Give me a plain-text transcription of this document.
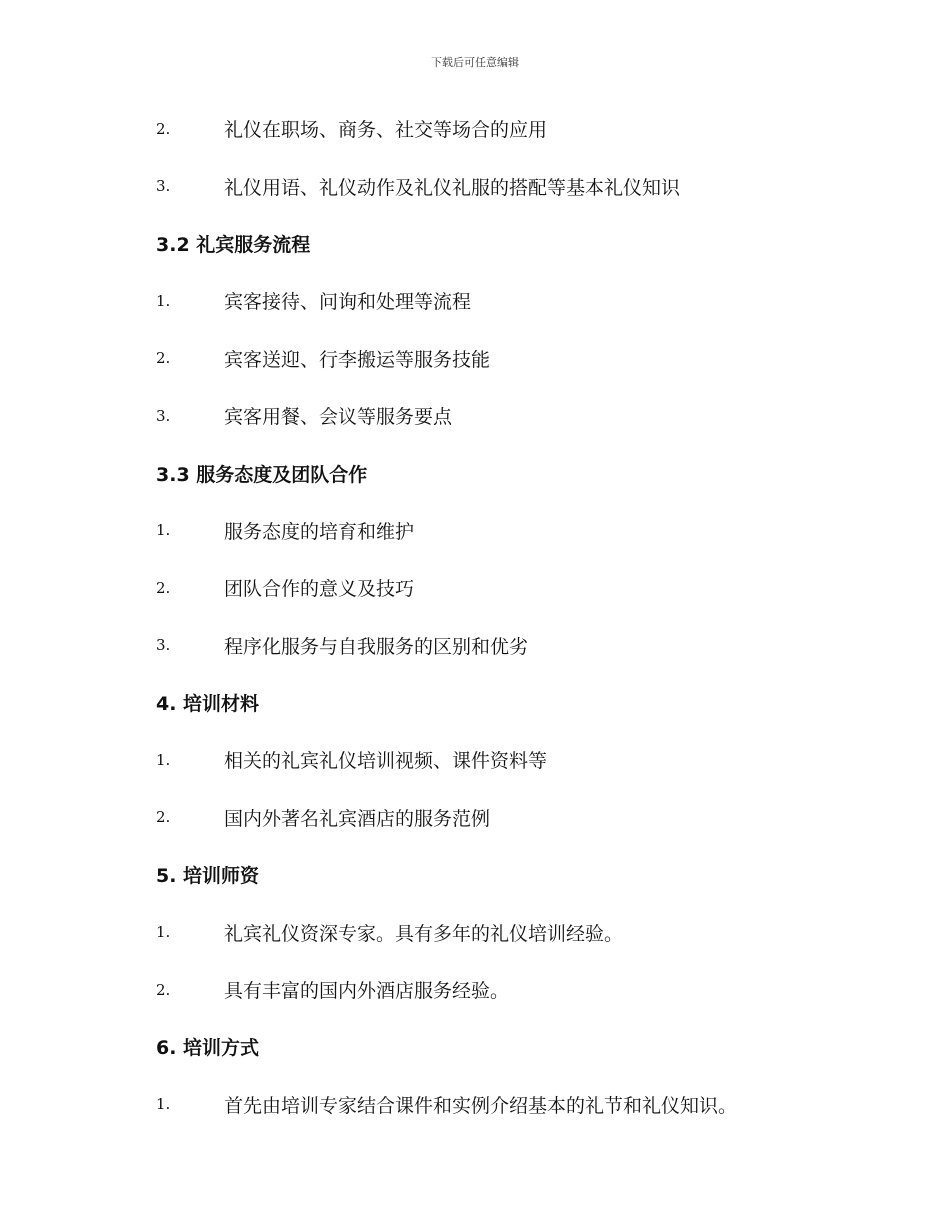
下载后可任意编辑
2.	礼仪在职场、商务、社交等场合的应用
3.	礼仪用语、礼仪动作及礼仪礼服的搭配等基本礼仪知识
3.2 礼宾服务流程
1.	宾客接待、问询和处理等流程
2.	宾客送迎、行李搬运等服务技能
3.	宾客用餐、会议等服务要点
3.3 服务态度及团队合作
1.	服务态度的培育和维护
2.	团队合作的意义及技巧
3.	程序化服务与自我服务的区别和优劣
4. 培训材料
1.	相关的礼宾礼仪培训视频、课件资料等
2.	国内外著名礼宾酒店的服务范例
5. 培训师资
1.	礼宾礼仪资深专家。具有多年的礼仪培训经验。
2.	具有丰富的国内外酒店服务经验。
6. 培训方式
1.	首先由培训专家结合课件和实例介绍基本的礼节和礼仪知识。
